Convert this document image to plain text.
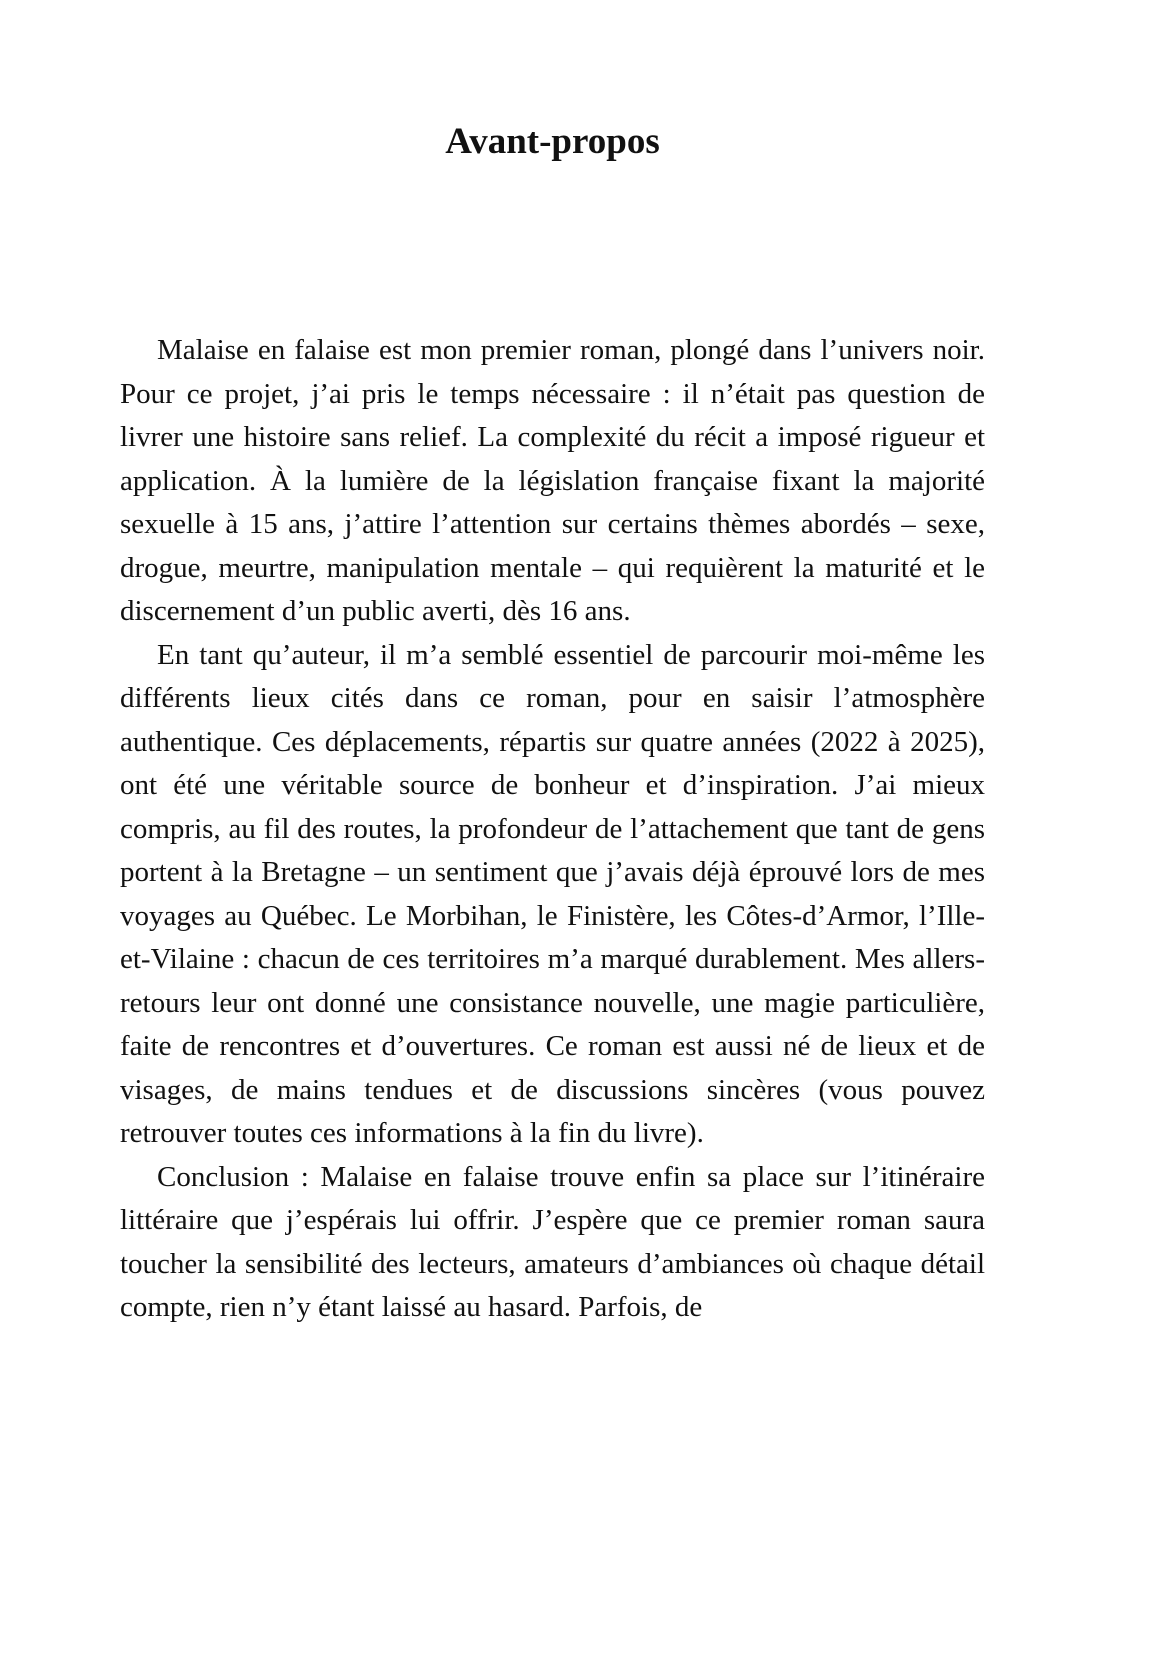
Avant-propos

Malaise en falaise est mon premier roman, plongé dans l’univers noir. Pour ce projet, j’ai pris le temps nécessaire : il n’était pas question de livrer une histoire sans relief. La complexité du récit a imposé rigueur et application. À la lumière de la législation française fixant la majorité sexuelle à 15 ans, j’attire l’attention sur certains thèmes abordés – sexe, drogue, meurtre, manipulation mentale – qui requièrent la maturité et le discernement d’un public averti, dès 16 ans.

En tant qu’auteur, il m’a semblé essentiel de parcourir moi-même les différents lieux cités dans ce roman, pour en saisir l’atmosphère authentique. Ces déplacements, répartis sur quatre années (2022 à 2025), ont été une véritable source de bonheur et d’inspiration. J’ai mieux compris, au fil des routes, la profondeur de l’attachement que tant de gens portent à la Bretagne – un sentiment que j’avais déjà éprouvé lors de mes voyages au Québec. Le Morbihan, le Finistère, les Côtes-d’Armor, l’Ille-et-Vilaine : chacun de ces territoires m’a marqué durablement. Mes allers-retours leur ont donné une consistance nouvelle, une magie particulière, faite de rencontres et d’ouvertures. Ce roman est aussi né de lieux et de visages, de mains tendues et de discussions sincères (vous pouvez retrouver toutes ces informations à la fin du livre).

Conclusion : Malaise en falaise trouve enfin sa place sur l’itinéraire littéraire que j’espérais lui offrir. J’espère que ce premier roman saura toucher la sensibilité des lecteurs, amateurs d’ambiances où chaque détail compte, rien n’y étant laissé au hasard. Parfois, de
